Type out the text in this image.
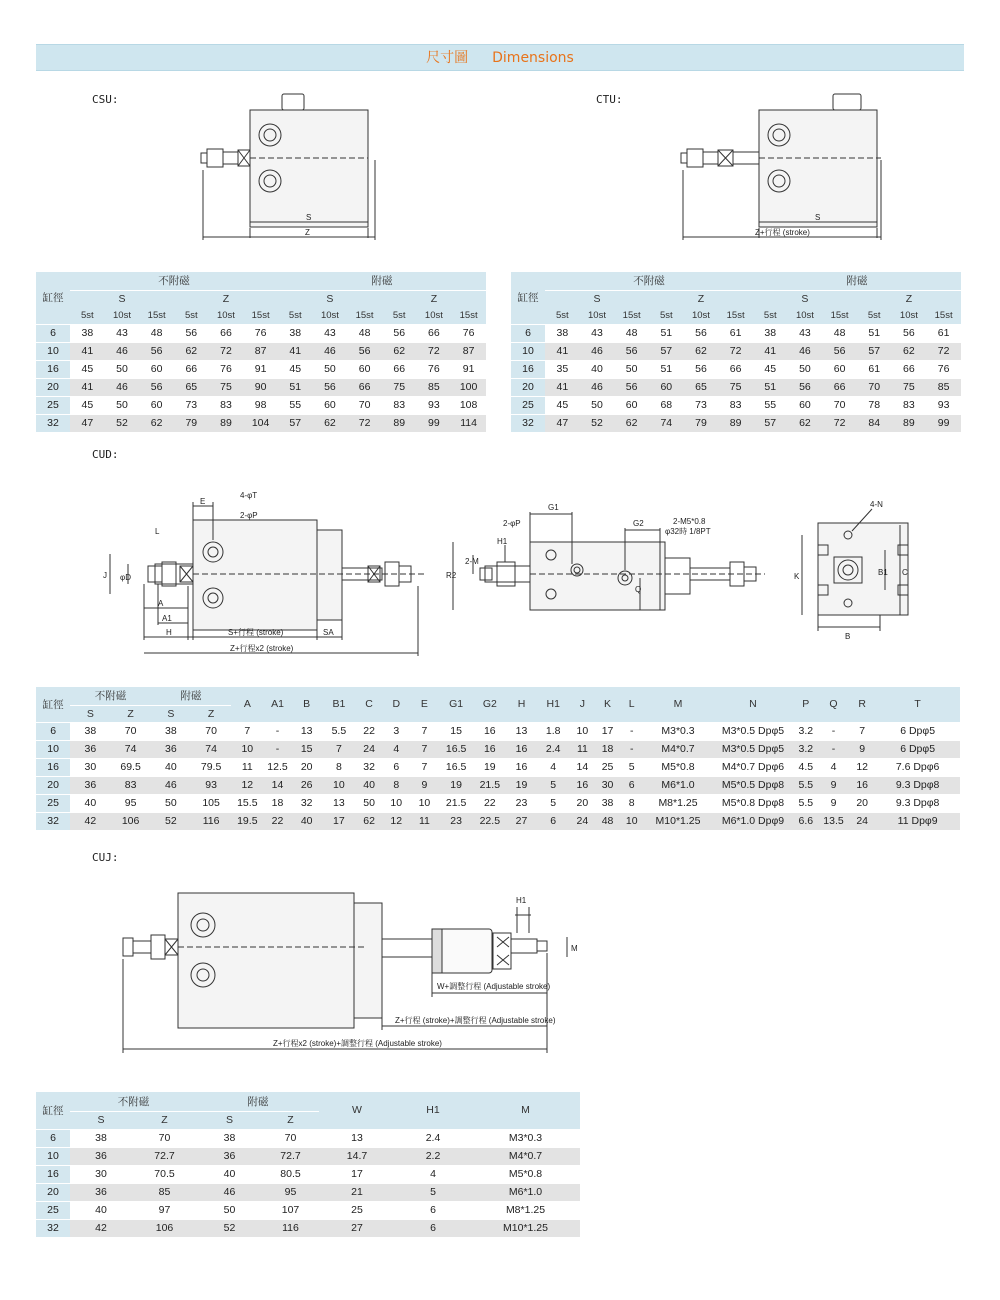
尺寸圖 Dimensions
CSU:	CTU:
CUD:
CUJ:
S
Z
S
Z+行程 (stroke)
缸徑	不附磁						附磁					
	S			Z			S			Z		
	5st	10st	15st	5st	10st	15st	5st	10st	15st	5st	10st	15st
6	38	43	48	56	66	76	38	43	48	56	66	76
10	41	46	56	62	72	87	41	46	56	62	72	87
16	45	50	60	66	76	91	45	50	60	66	76	91
20	41	46	56	65	75	90	51	56	66	75	85	100
25	45	50	60	73	83	98	55	60	70	83	93	108
32	47	52	62	79	89	104	57	62	72	89	99	114
缸徑	不附磁						附磁					
	S			Z			S			Z		
	5st	10st	15st	5st	10st	15st	5st	10st	15st	5st	10st	15st
6	38	43	48	51	56	61	38	43	48	51	56	61
10	41	46	56	57	62	72	41	46	56	57	62	72
16	35	40	50	51	56	66	45	50	60	61	66	76
20	41	46	56	60	65	75	51	56	66	70	75	85
25	45	50	60	68	73	83	55	60	70	78	83	93
32	47	52	62	74	79	89	57	62	72	84	89	99
E
4-φT
2-φP
L
J φD
A
A1
H	S+行程 (stroke)	SA
Z+行程x2 (stroke)
G1
G2
2-φP	2-M5*0.8
φ32時 1/8PT
H1
2-M
R2
Q
4-N
K	B1 C
B
缸徑	不附磁		附磁		A	A1	B	B1	C	D	E	G1	G2	H	H1	J	K	L	M	N	P	Q	R	T
	S	Z	S	Z																				
6	38	70	38	70	7	-	13	5.5	22	3	7	15	16	13	1.8	10	17	-	M3*0.3	M3*0.5 Dpφ5	3.2	-	7	6 Dpφ5
10	36	74	36	74	10	-	15	7	24	4	7	16.5	16	16	2.4	11	18	-	M4*0.7	M3*0.5 Dpφ5	3.2	-	9	6 Dpφ5
16	30	69.5	40	79.5	11	12.5	20	8	32	6	7	16.5	19	16	4	14	25	5	M5*0.8	M4*0.7 Dpφ6	4.5	4	12	7.6 Dpφ6
20	36	83	46	93	12	14	26	10	40	8	9	19	21.5	19	5	16	30	6	M6*1.0	M5*0.5 Dpφ8	5.5	9	16	9.3 Dpφ8
25	40	95	50	105	15.5	18	32	13	50	10	10	21.5	22	23	5	20	38	8	M8*1.25	M5*0.8 Dpφ8	5.5	9	20	9.3 Dpφ8
32	42	106	52	116	19.5	22	40	17	62	12	11	23	22.5	27	6	24	48	10	M10*1.25	M6*1.0 Dpφ9	6.6	13.5	24	11 Dpφ9
H1
M
W+調整行程 (Adjustable stroke)
Z+行程 (stroke)+調整行程 (Adjustable stroke)
Z+行程x2 (stroke)+調整行程 (Adjustable stroke)
缸徑	不附磁		附磁		W	H1	M
	S	Z	S	Z			
6	38	70	38	70	13	2.4	M3*0.3
10	36	72.7	36	72.7	14.7	2.2	M4*0.7
16	30	70.5	40	80.5	17	4	M5*0.8
20	36	85	46	95	21	5	M6*1.0
25	40	97	50	107	25	6	M8*1.25
32	42	106	52	116	27	6	M10*1.25
